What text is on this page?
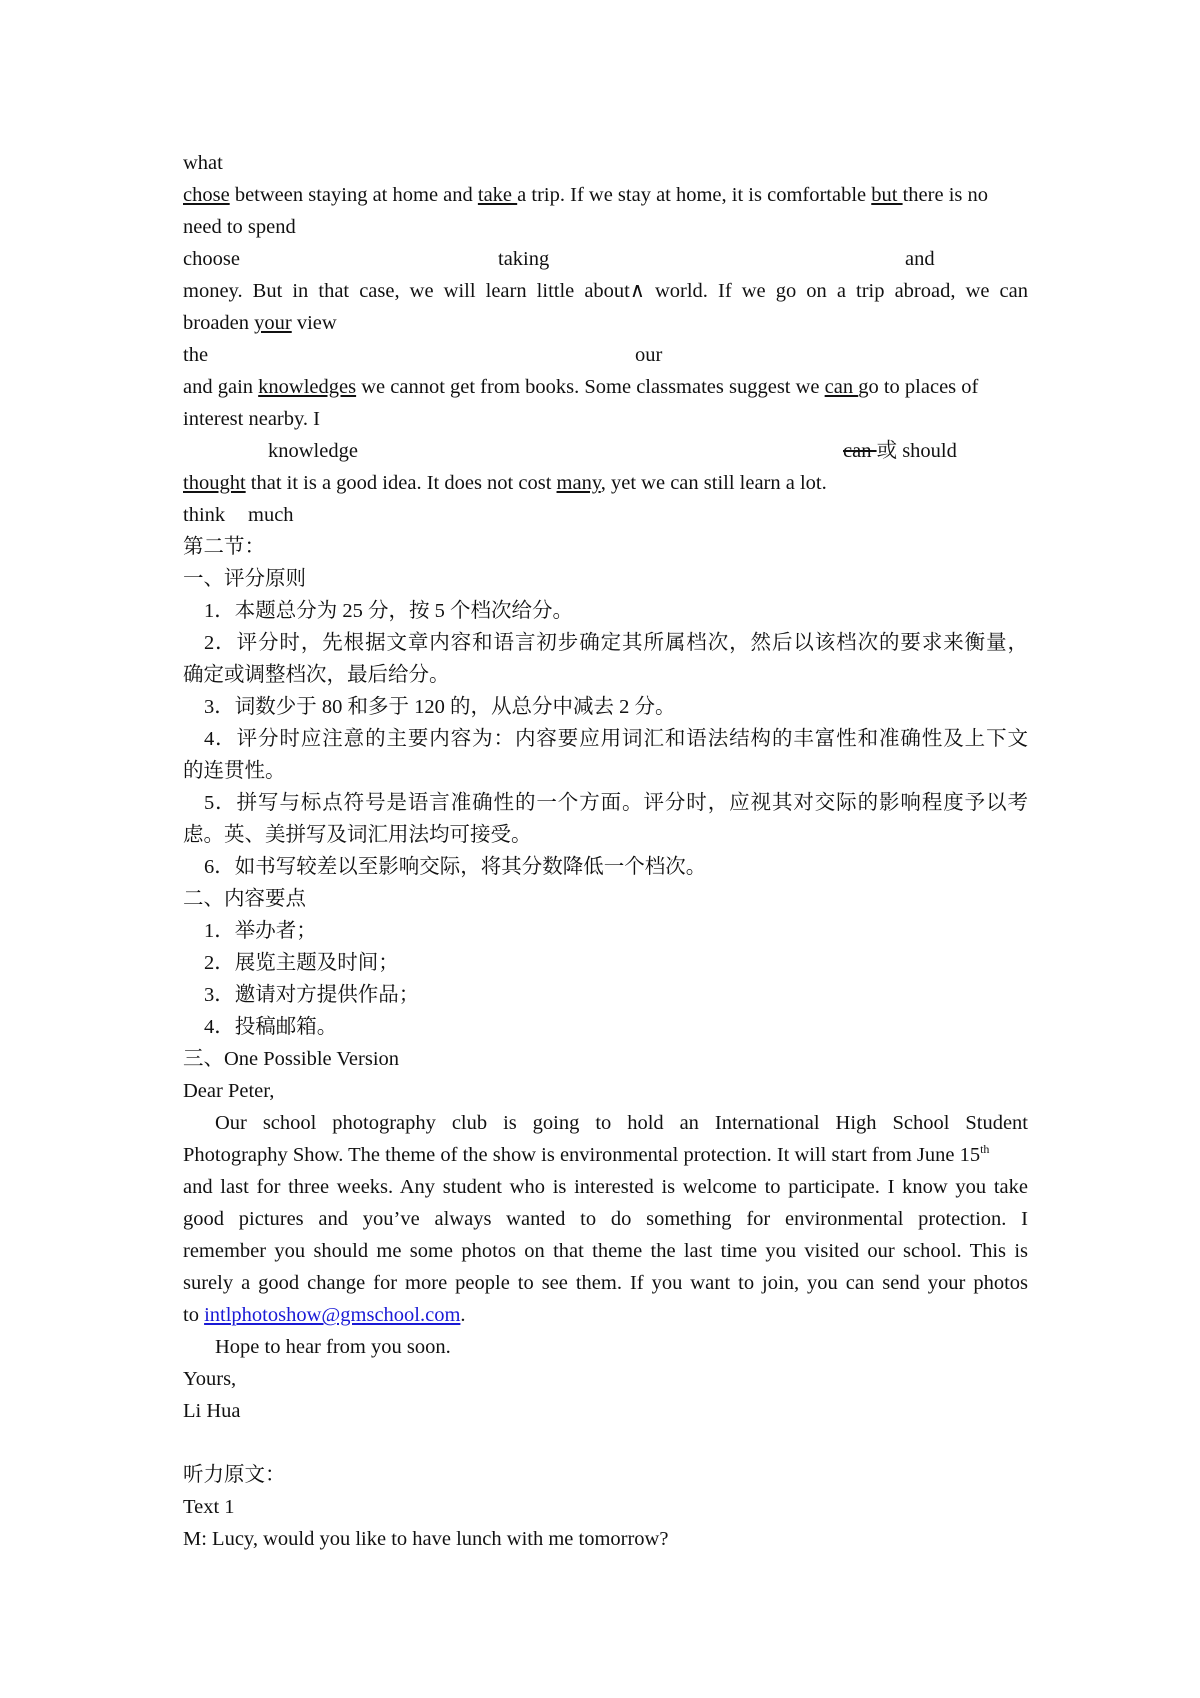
what
chose between staying at home and take a trip. If we stay at home, it is comfortable but there is no
need to spend
choose	taking	and
money. But in that case, we will learn little about∧ world. If we go on a trip abroad, we can
broaden your view
the	our
and gain knowledges we cannot get from books. Some classmates suggest we can go to places of
interest nearby. I
knowledge	can 或 should
thought that it is a good idea. It does not cost many, yet we can still learn a lot.
think much
第二节：
一、评分原则
1．本题总分为 25 分，按 5 个档次给分。
2．评分时，先根据文章内容和语言初步确定其所属档次，然后以该档次的要求来衡量，
确定或调整档次，最后给分。
3．词数少于 80 和多于 120 的，从总分中减去 2 分。
4．评分时应注意的主要内容为：内容要应用词汇和语法结构的丰富性和准确性及上下文
的连贯性。
5．拼写与标点符号是语言准确性的一个方面。评分时，应视其对交际的影响程度予以考
虑。英、美拼写及词汇用法均可接受。
6．如书写较差以至影响交际，将其分数降低一个档次。
二、内容要点
1．举办者；
2．展览主题及时间；
3．邀请对方提供作品；
4．投稿邮箱。
三、One Possible Version
Dear Peter,
Our school photography club is going to hold an International High School Student
Photography Show. The theme of the show is environmental protection. It will start from June 15th
and last for three weeks. Any student who is interested is welcome to participate. I know you take
good pictures and you’ve always wanted to do something for environmental protection. I
remember you should me some photos on that theme the last time you visited our school. This is
surely a good change for more people to see them. If you want to join, you can send your photos
to intlphotoshow@gmschool.com.
Hope to hear from you soon.
Yours,
Li Hua
听力原文：
Text 1
M: Lucy, would you like to have lunch with me tomorrow?
